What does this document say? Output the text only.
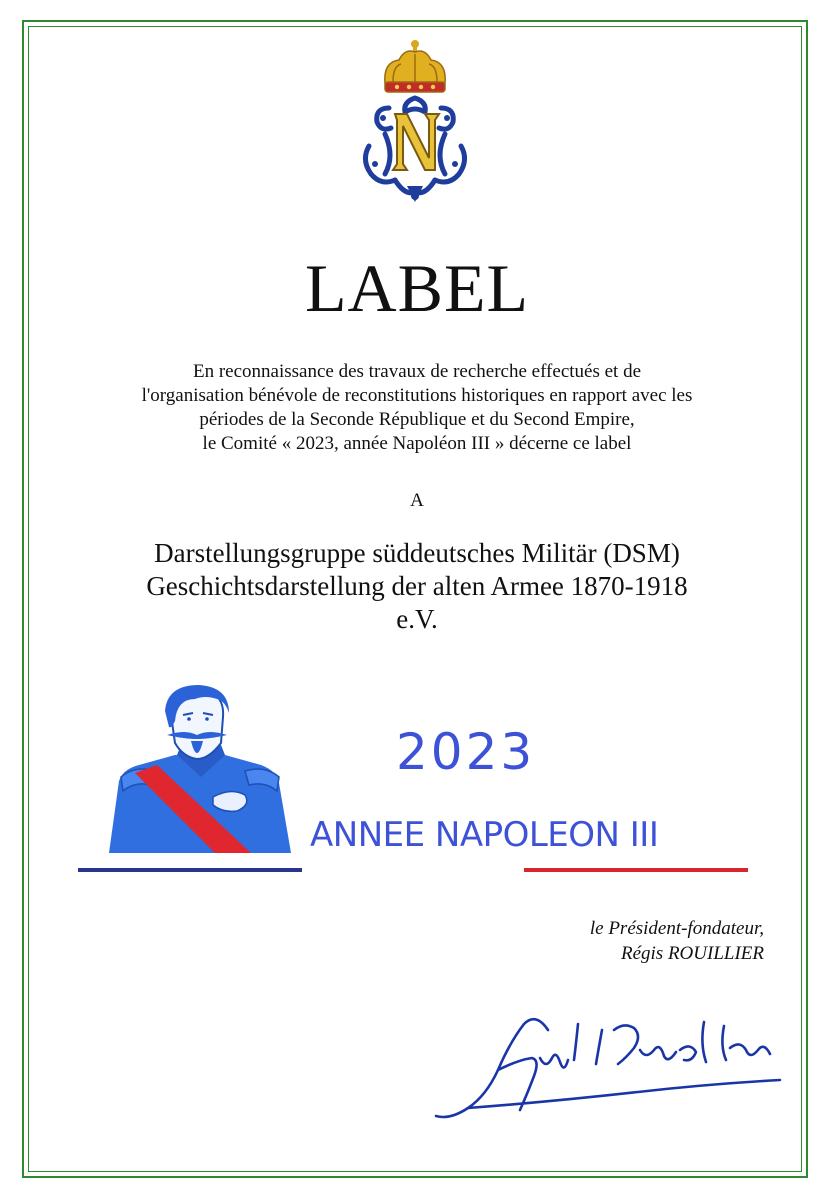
LABEL
En reconnaissance des travaux de recherche effectués et de
l'organisation bénévole de reconstitutions historiques en rapport avec les
périodes de la Seconde République et du Second Empire,
le Comité « 2023, année Napoléon III » décerne ce label
A
Darstellungsgruppe süddeutsches Militär (DSM)
Geschichtsdarstellung der alten Armee 1870-1918
e.V.
2023
ANNEE NAPOLEON III
le Président-fondateur,
Régis ROUILLIER
